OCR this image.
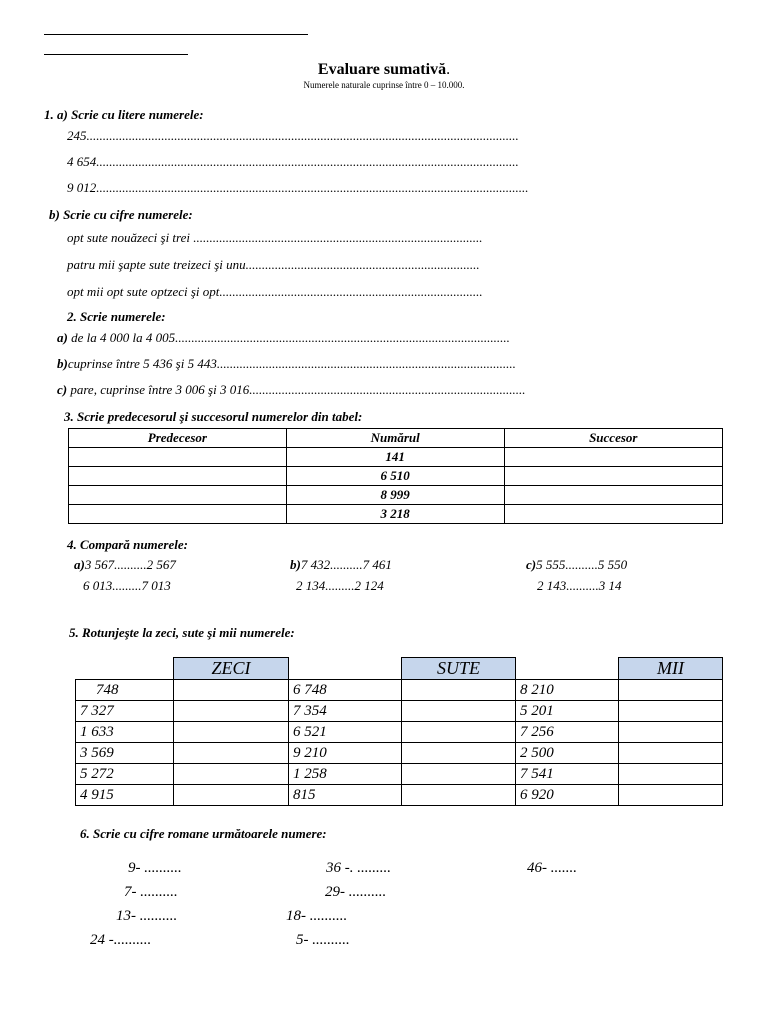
Evaluare sumativă.
Numerele naturale cuprinse între 0 – 10.000.
1. a) Scrie cu litere numerele:
245.....................................................................................................................................
4 654..................................................................................................................................
9 012.....................................................................................................................................
b) Scrie cu cifre numerele:
opt sute nouăzeci şi trei .........................................................................................
patru mii şapte sute treizeci şi unu........................................................................
opt mii opt sute optzeci şi opt.................................................................................
2. Scrie numerele:
a) de la 4 000 la 4 005.......................................................................................................
b)cuprinse între 5 436 şi 5 443............................................................................................
c) pare, cuprinse între 3 006 şi 3 016.....................................................................................
3. Scrie predecesorul şi succesorul numerelor din tabel:
Predecesor	Numărul	Succesor
	141	
	6 510	
	8 999	
	3 218	
4. Compară numerele:
a)3 567..........2 567
6 013.........7 013
b)7 432..........7 461
2 134.........2 124
c)5 555..........5 550
2 143..........3 14
5. Rotunjeşte la zeci, sute şi mii numerele:
	ZECI		SUTE		MII
748		6 748		8 210	
7 327		7 354		5 201	
1 633		6 521		7 256	
3 569		9 210		2 500	
5 272		1 258		7 541	
4 915		815		6 920	
6. Scrie cu cifre romane următoarele numere:
9- ..........	36 -. .........	46- .......
7- ..........	29- ..........
13- ..........	18- ..........
24 -..........	5- ..........
